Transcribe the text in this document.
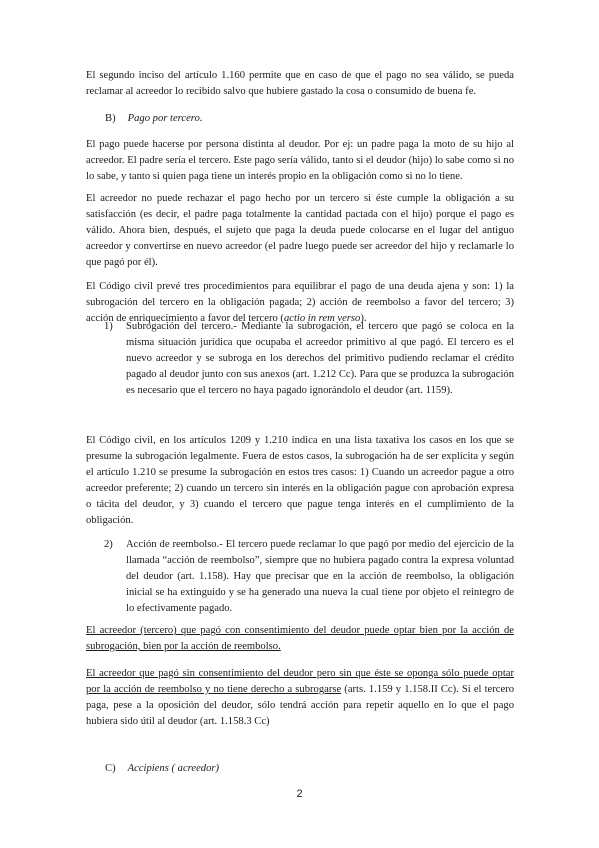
El segundo inciso del artículo 1.160 permite que en caso de que el pago no sea válido, se pueda reclamar al acreedor lo recibido salvo que hubiere gastado la cosa o consumido de buena fe.

B) Pago por tercero.

El pago puede hacerse por persona distinta al deudor. Por ej: un padre paga la moto de su hijo al acreedor. El padre sería el tercero. Este pago sería válido, tanto si el deudor (hijo) lo sabe como si no lo sabe, y tanto si quien paga tiene un interés propio en la obligación como si no lo tiene.

El acreedor no puede rechazar el pago hecho por un tercero si éste cumple la obligación a su satisfacción (es decir, el padre paga totalmente la cantidad pactada con el hijo) porque el pago es válido. Ahora bien, después, el sujeto que paga la deuda puede colocarse en el lugar del antiguo acreedor y convertirse en nuevo acreedor (el padre luego puede ser acreedor del hijo y reclamarle lo que pagó por él).

El Código civil prevé tres procedimientos para equilibrar el pago de una deuda ajena y son: 1) la subrogación del tercero en la obligación pagada; 2) acción de reembolso a favor del tercero; 3) acción de enriquecimiento a favor del tercero (actio in rem verso).

1)	Subrogación del tercero.- Mediante la subrogación, el tercero que pagó se coloca en la misma situación jurídica que ocupaba el acreedor primitivo al que pagó. El tercero es el nuevo acreedor y se subroga en los derechos del primitivo pudiendo reclamar el crédito pagado al deudor junto con sus anexos (art. 1.212 Cc). Para que se produzca la subrogación es necesario que el tercero no haya pagado ignorándolo el deudor (art. 1159).

El Código civil, en los artículos 1209 y 1.210 indica en una lista taxativa los casos en los que se presume la subrogación legalmente. Fuera de estos casos, la subrogación ha de ser explícita y según el artículo 1.210 se presume la subrogación en estos tres casos: 1) Cuando un acreedor pague a otro acreedor preferente; 2) cuando un tercero sin interés en la obligación pague con aprobación expresa o tácita del deudor, y 3) cuando el tercero que pague tenga interés en el cumplimiento de la obligación.

2)	Acción de reembolso.- El tercero puede reclamar lo que pagó por medio del ejercicio de la llamada “acción de reembolso”, siempre que no hubiera pagado contra la expresa voluntad del deudor (art. 1.158). Hay que precisar que en la acción de reembolso, la obligación inicial se ha extinguido y se ha generado una nueva la cual tiene por objeto el reintegro de lo efectivamente pagado.

El acreedor (tercero) que pagó con consentimiento del deudor puede optar bien por la acción de subrogación, bien por la acción de reembolso.

El acreedor que pagó sin consentimiento del deudor pero sin que éste se oponga sólo puede optar por la acción de reembolso y no tiene derecho a subrogarse (arts. 1.159 y 1.158.II Cc). Si el tercero paga, pese a la oposición del deudor, sólo tendrá acción para repetir aquello en lo que el pago hubiera sido útil al deudor (art. 1.158.3 Cc)

C) Accipiens ( acreedor)

2
